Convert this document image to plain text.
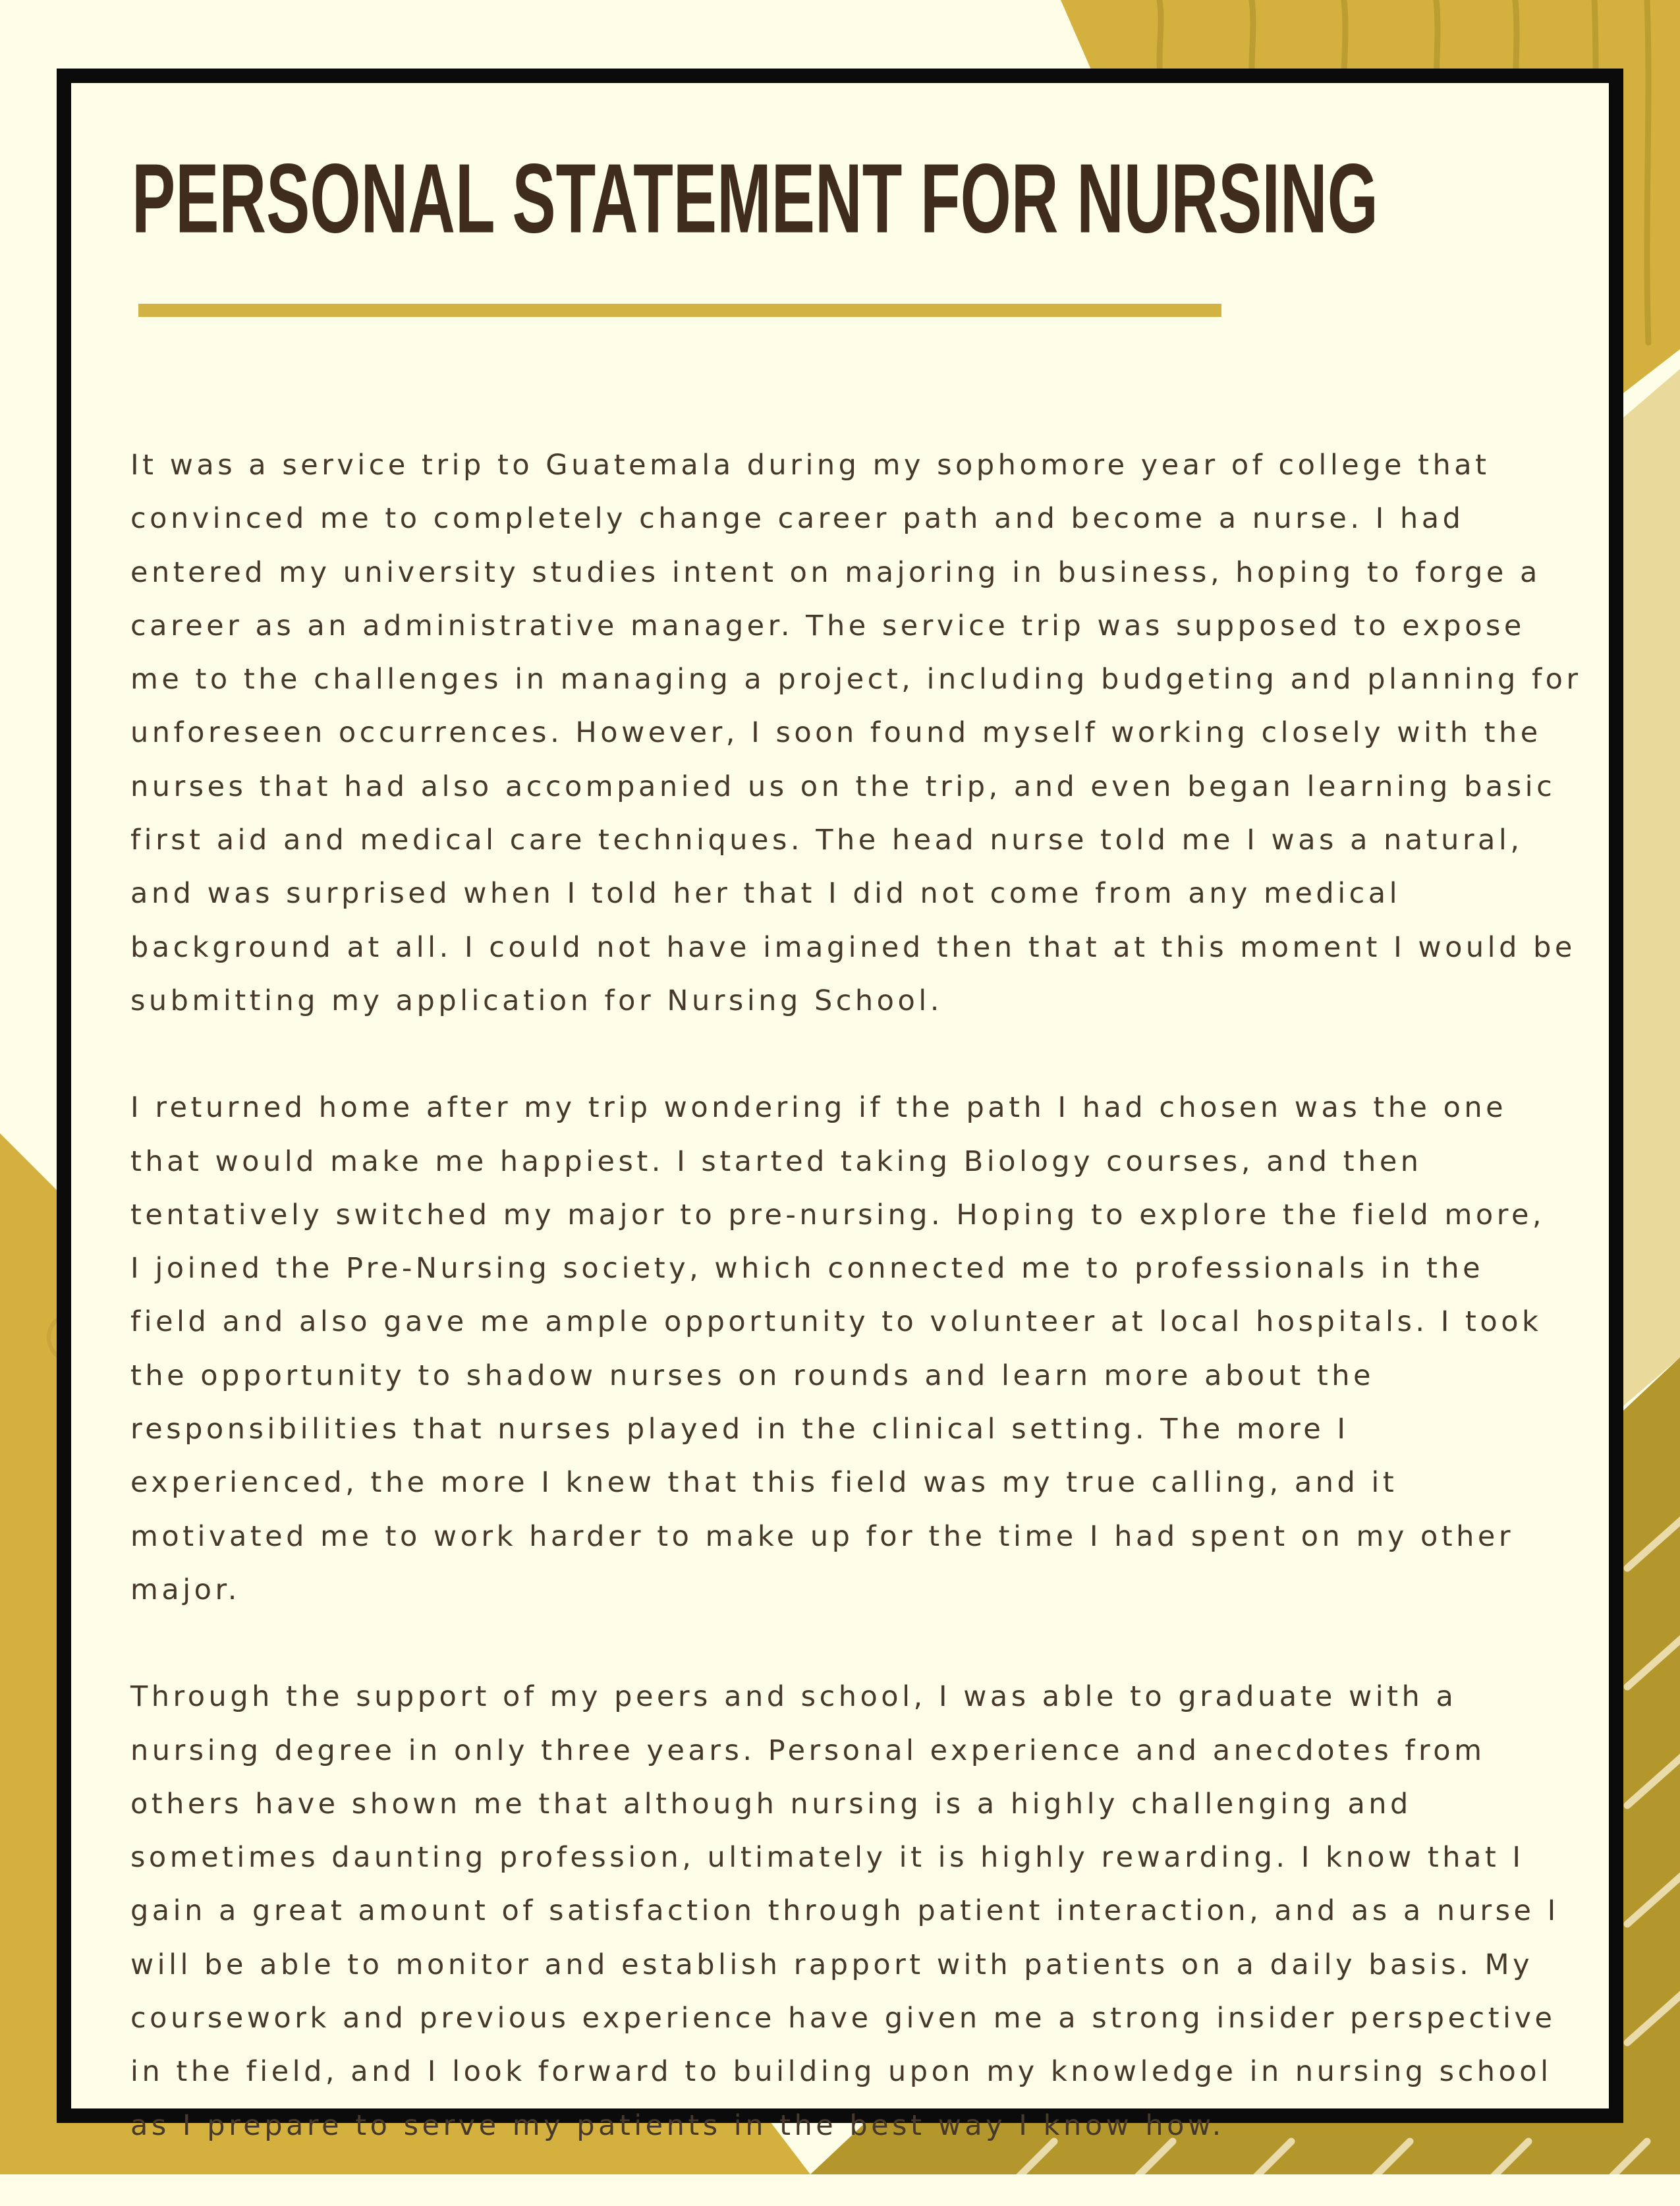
PERSONAL STATEMENT FOR NURSING

It was a service trip to Guatemala during my sophomore year of college that
convinced me to completely change career path and become a nurse. I had
entered my university studies intent on majoring in business, hoping to forge a
career as an administrative manager. The service trip was supposed to expose
me to the challenges in managing a project, including budgeting and planning for
unforeseen occurrences. However, I soon found myself working closely with the
nurses that had also accompanied us on the trip, and even began learning basic
first aid and medical care techniques. The head nurse told me I was a natural,
and was surprised when I told her that I did not come from any medical
background at all. I could not have imagined then that at this moment I would be
submitting my application for Nursing School.

I returned home after my trip wondering if the path I had chosen was the one
that would make me happiest. I started taking Biology courses, and then
tentatively switched my major to pre-nursing. Hoping to explore the field more,
I joined the Pre-Nursing society, which connected me to professionals in the
field and also gave me ample opportunity to volunteer at local hospitals. I took
the opportunity to shadow nurses on rounds and learn more about the
responsibilities that nurses played in the clinical setting. The more I
experienced, the more I knew that this field was my true calling, and it
motivated me to work harder to make up for the time I had spent on my other
major.

Through the support of my peers and school, I was able to graduate with a
nursing degree in only three years. Personal experience and anecdotes from
others have shown me that although nursing is a highly challenging and
sometimes daunting profession, ultimately it is highly rewarding. I know that I
gain a great amount of satisfaction through patient interaction, and as a nurse I
will be able to monitor and establish rapport with patients on a daily basis. My
coursework and previous experience have given me a strong insider perspective
in the field, and I look forward to building upon my knowledge in nursing school
as I prepare to serve my patients in the best way I know how.
